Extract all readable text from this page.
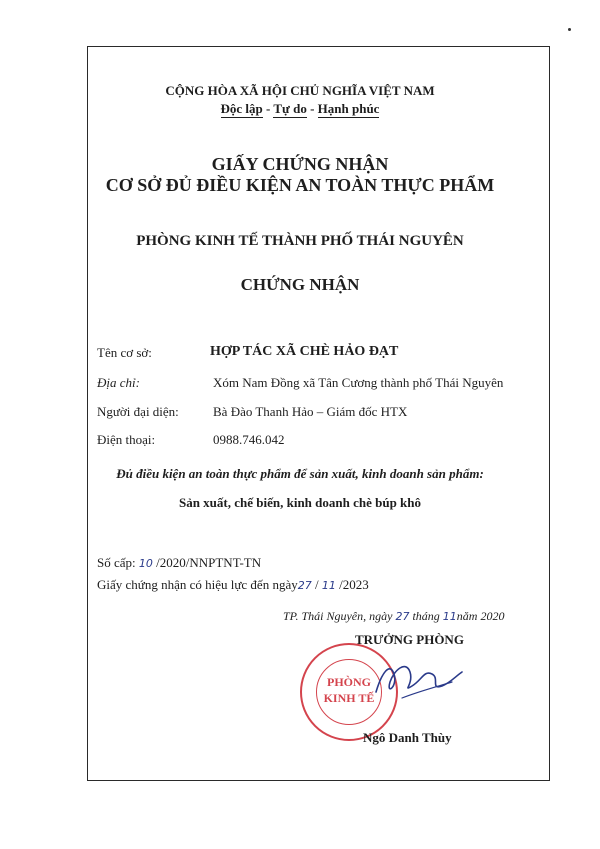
CỘNG HÒA XÃ HỘI CHỦ NGHĨA VIỆT NAM
Độc lập - Tự do - Hạnh phúc
GIẤY CHỨNG NHẬN
CƠ SỞ ĐỦ ĐIỀU KIỆN AN TOÀN THỰC PHẨM
PHÒNG KINH TẾ THÀNH PHỐ THÁI NGUYÊN
CHỨNG NHẬN
Tên cơ sở:	HỢP TÁC XÃ CHÈ HẢO ĐẠT
Địa chỉ:	Xóm Nam Đồng xã Tân Cương thành phố Thái Nguyên
Người đại diện:	Bà Đào Thanh Hảo – Giám đốc HTX
Điện thoại:	0988.746.042
Đủ điều kiện an toàn thực phẩm để sản xuất, kinh doanh sản phẩm:
Sản xuất, chế biến, kinh doanh chè búp khô
Số cấp: 10 /2020/NNPTNT-TN
Giấy chứng nhận có hiệu lực đến ngày27 / 11 /2023
TP. Thái Nguyên, ngày 27 tháng 11năm 2020
TRƯỞNG PHÒNG
PHÒNG
KINH TẾ
Ngô Danh Thùy
